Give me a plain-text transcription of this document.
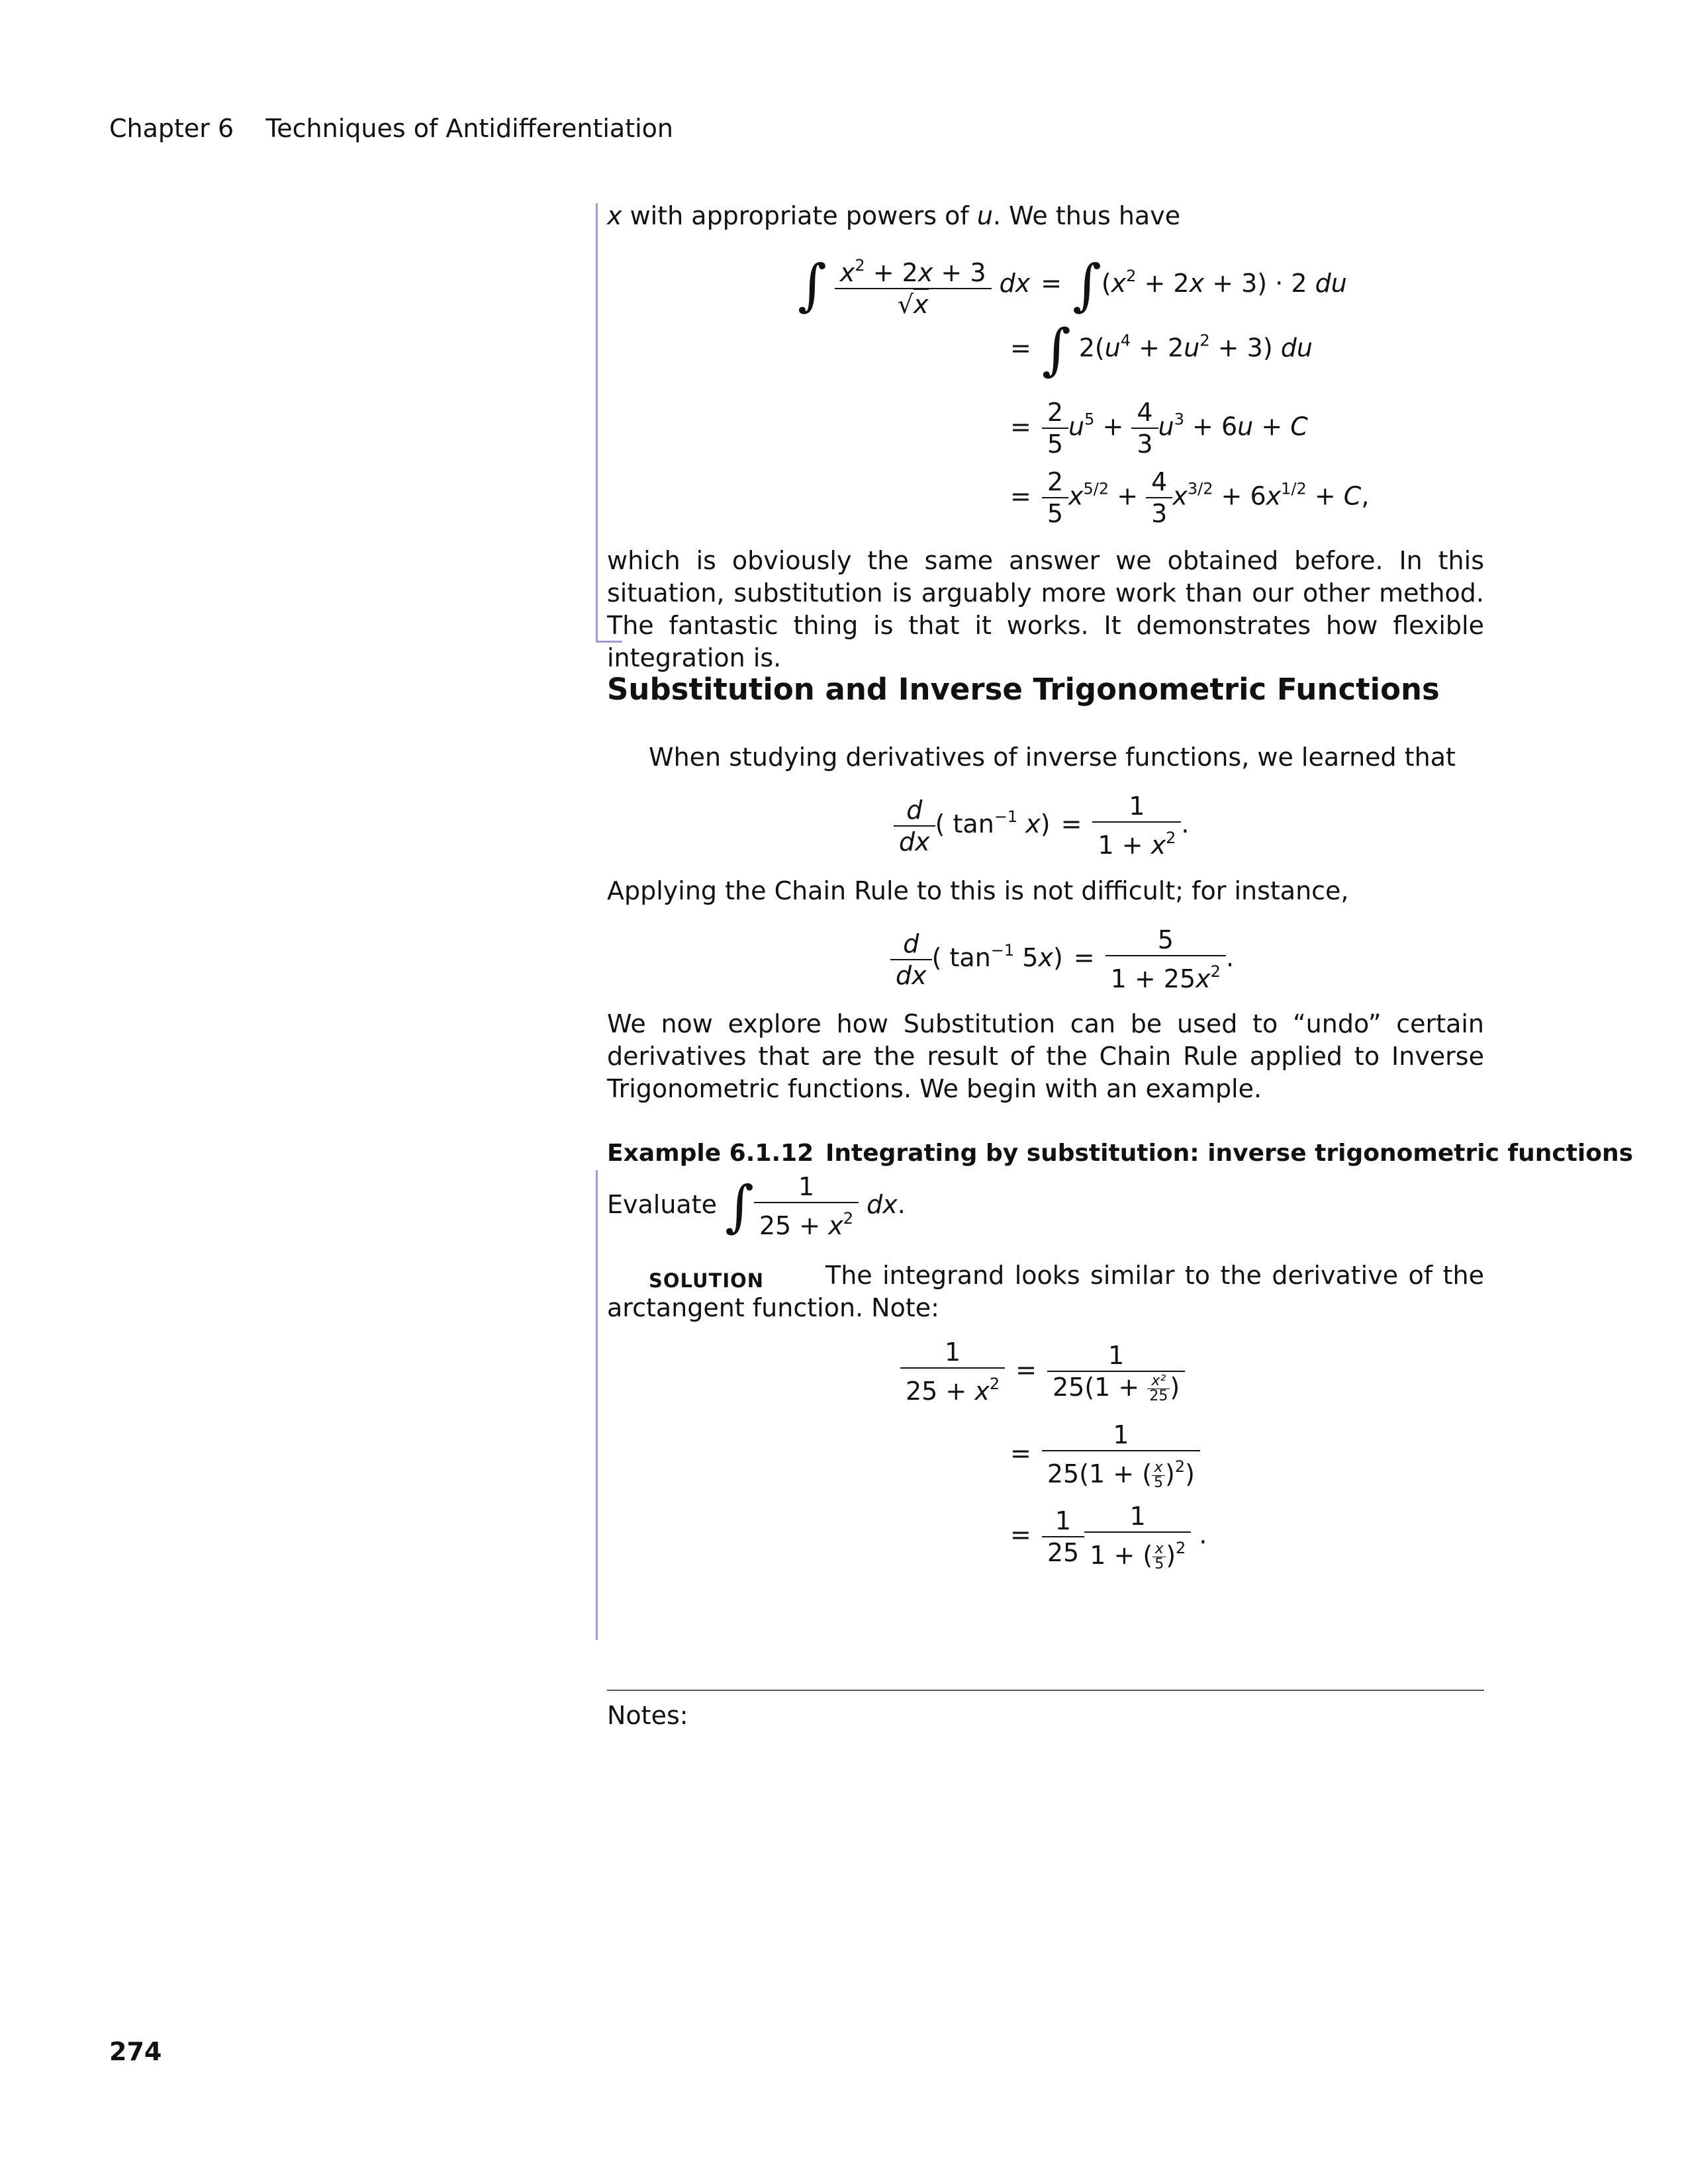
Chapter 6 Techniques of Antidifferentiation
x with appropriate powers of u. We thus have
∫ $\frac{x^2 + 2x + 3}{√x}$ dx = $\int(x^2 + 2x + 3) \cdot 2$ du
= ∫ $2(u^4 + 2u^2 + 3)$ du
= $\frac{2}{5} u^5 + \frac{4}{3} u^3 + 6u + C$
= $\frac{2}{5} x^{5/2} + \frac{4}{3} x^{3/2} + 6x^{1/2} + C$,
which is obviously the same answer we obtained before. In this situation, substitution is arguably more work than our other method. The fantastic thing is that it works. It demonstrates how flexible integration is.
Substitution and Inverse Trigonometric Functions
When studying derivatives of inverse functions, we learned that
$\frac{d}{dx}$ ( $\tan^{-1} x) = \frac{1}{1 + x^2}$ .
Applying the Chain Rule to this is not difficult; for instance,
$\frac{d}{dx}$ ( $\tan^{-1} 5x) = \frac{5}{1 + 25x^2}$ .
We now explore how Substitution can be used to “undo” certain derivatives that are the result of the Chain Rule applied to Inverse Trigonometric functions. We begin with an example.
Example 6.1.12 Integrating by substitution: inverse trigonometric functions
Evaluate ∫ $\frac{1}{25 + x^2}$ dx.
SOLUTION	The integrand looks similar to the derivative of the arctangent function. Note:
$\frac{1}{25 + x^2} = \frac{1}{25(1 + \frac{\text{x²}}{25} )}$
= $\frac{1}{25(1 + ( \frac{x}{5} )^2)}$
= $\frac{1}{25} \frac{1}{1 + ( \frac{x}{5} )^2}$ .
Notes:
274
